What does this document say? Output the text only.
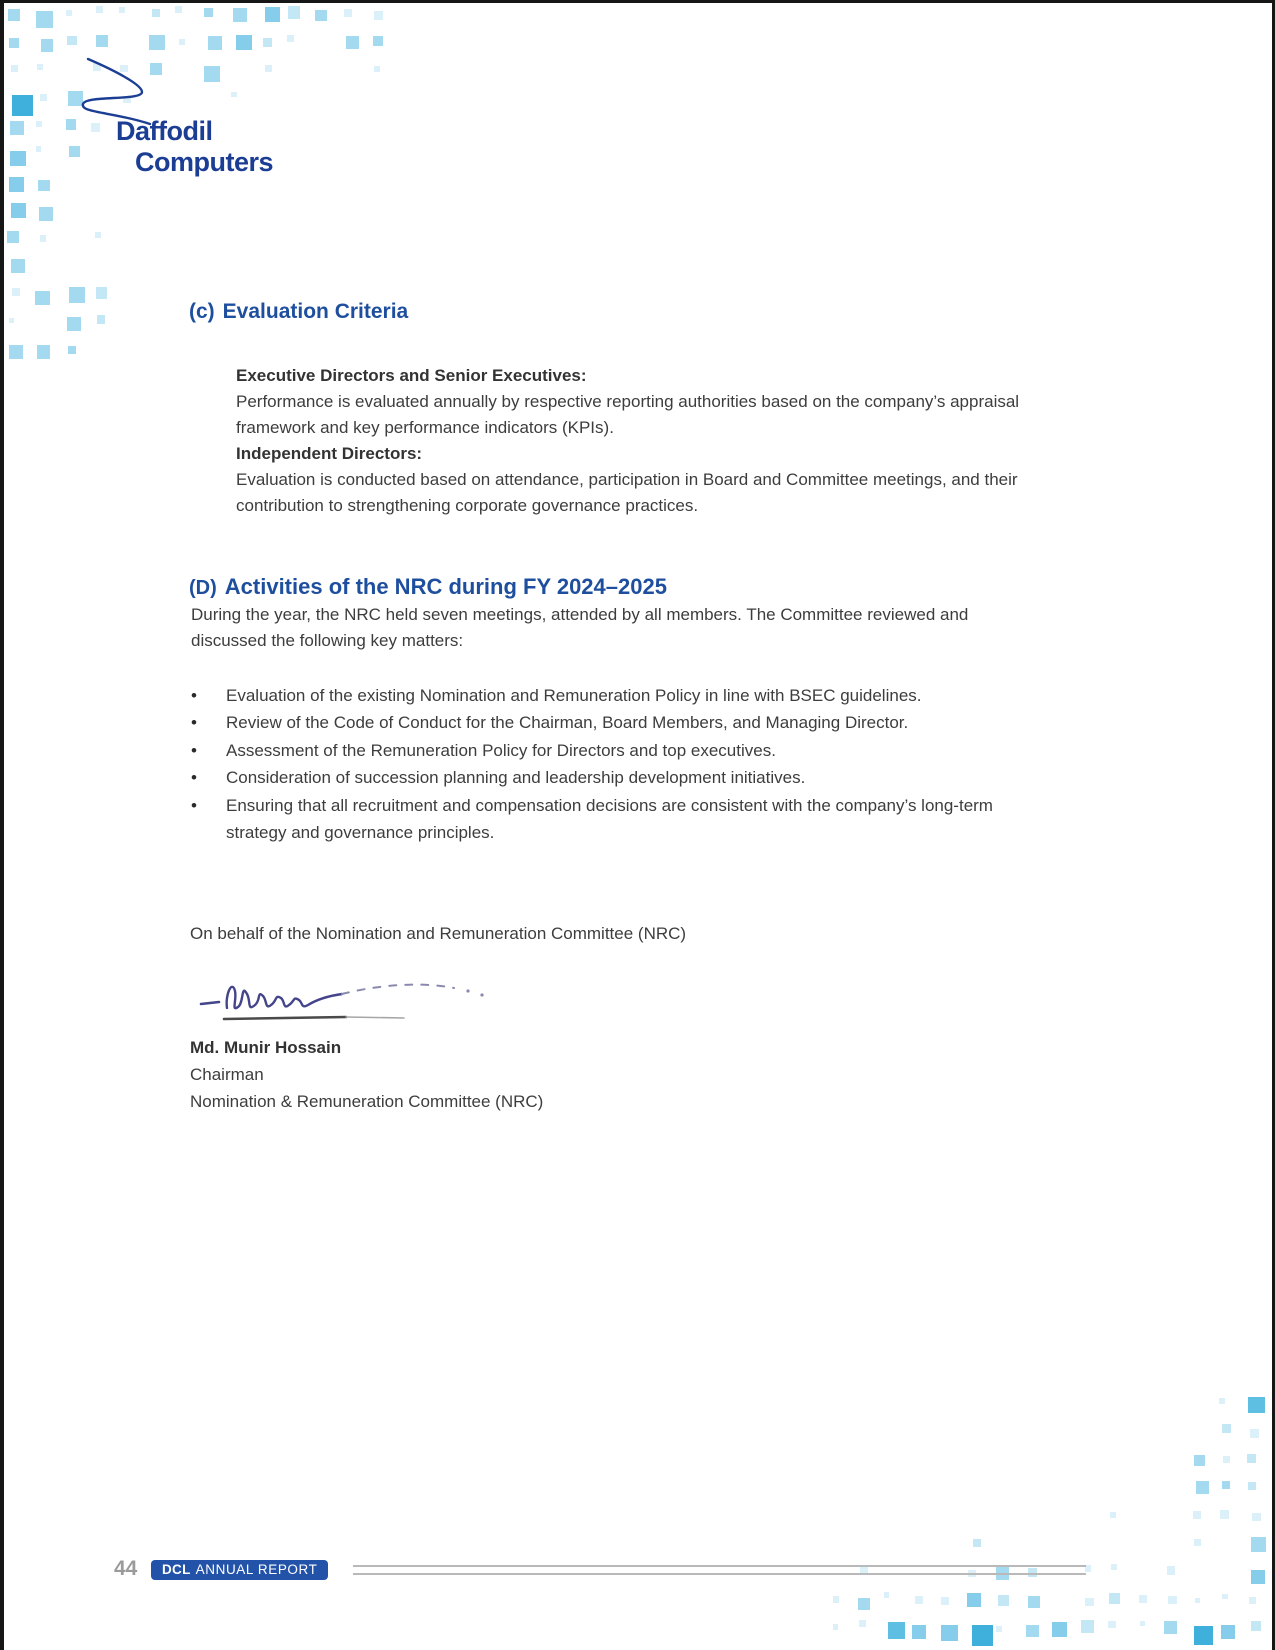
Daffodil
Computers
(c) Evaluation Criteria
Executive Directors and Senior Executives:
Performance is evaluated annually by respective reporting authorities based on the company’s appraisal framework and key performance indicators (KPIs).
Independent Directors:
Evaluation is conducted based on attendance, participation in Board and Committee meetings, and their contribution to strengthening corporate governance practices.
(D) Activities of the NRC during FY 2024–2025
During the year, the NRC held seven meetings, attended by all members. The Committee reviewed and discussed the following key matters:
• Evaluation of the existing Nomination and Remuneration Policy in line with BSEC guidelines.
• Review of the Code of Conduct for the Chairman, Board Members, and Managing Director.
• Assessment of the Remuneration Policy for Directors and top executives.
• Consideration of succession planning and leadership development initiatives.
• Ensuring that all recruitment and compensation decisions are consistent with the company’s long-term strategy and governance principles.
On behalf of the Nomination and Remuneration Committee (NRC)
Md. Munir Hossain
Chairman
Nomination & Remuneration Committee (NRC)
44	DCL ANNUAL REPORT
